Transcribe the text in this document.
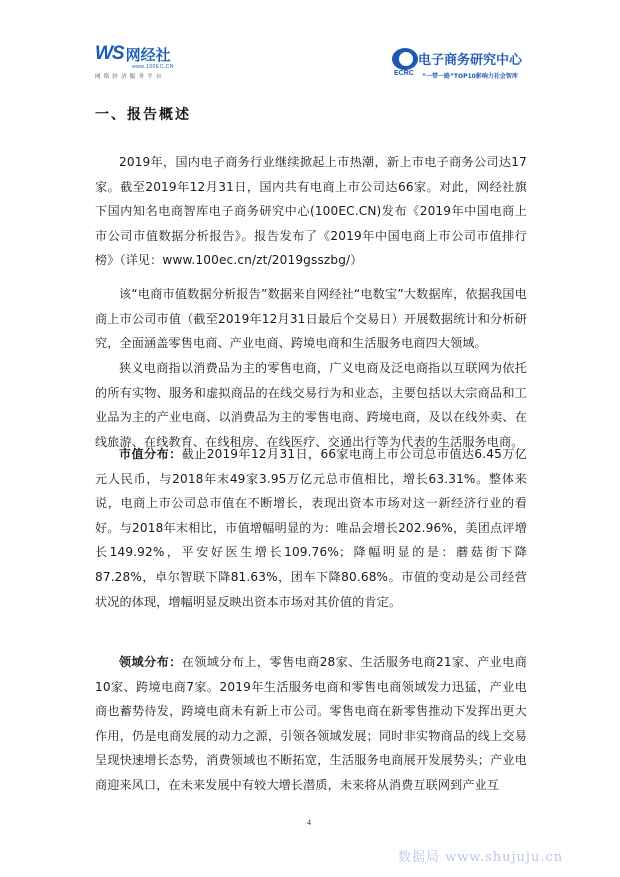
WS 网经社
www.100EC.CN
网络经济服务平台
电子商务研究中心
ECRC “一带一路”TOP10影响力社会智库
一、报告概述

2019年，国内电子商务行业继续掀起上市热潮，新上市电子商务公司达17家。截至2019年12月31日，国内共有电商上市公司达66家。对此，网经社旗下国内知名电商智库电子商务研究中心(100EC.CN)发布《2019年中国电商上市公司市值数据分析报告》。报告发布了《2019年中国电商上市公司市值排行榜》（详见：www.100ec.cn/zt/2019gsszbg/）

该“电商市值数据分析报告”数据来自网经社“电数宝”大数据库，依据我国电商上市公司市值（截至2019年12月31日最后个交易日）开展数据统计和分析研究，全面涵盖零售电商、产业电商、跨境电商和生活服务电商四大领域。

狭义电商指以消费品为主的零售电商，广义电商及泛电商指以互联网为依托的所有实物、服务和虚拟商品的在线交易行为和业态，主要包括以大宗商品和工业品为主的产业电商、以消费品为主的零售电商、跨境电商，及以在线外卖、在线旅游、在线教育、在线租房、在线医疗、交通出行等为代表的生活服务电商。

市值分布：截止2019年12月31日，66家电商上市公司总市值达6.45万亿元人民币，与2018年末49家3.95万亿元总市值相比，增长63.31%。整体来说，电商上市公司总市值在不断增长，表现出资本市场对这一新经济行业的看好。与2018年末相比，市值增幅明显的为：唯品会增长202.96%，美团点评增长149.92%，平安好医生增长109.76%；降幅明显的是：蘑菇街下降87.28%，卓尔智联下降81.63%，团车下降80.68%。市值的变动是公司经营状况的体现，增幅明显反映出资本市场对其价值的肯定。

领域分布：在领域分布上，零售电商28家、生活服务电商21家、产业电商10家、跨境电商7家。2019年生活服务电商和零售电商领域发力迅猛，产业电商也蓄势待发，跨境电商未有新上市公司。零售电商在新零售推动下发挥出更大作用，仍是电商发展的动力之源，引领各领域发展；同时非实物商品的线上交易呈现快速增长态势，消费领域也不断拓宽，生活服务电商展开发展势头；产业电商迎来风口，在未来发展中有较大增长潜质，未来将从消费互联网到产业互

4
数据局 www.shujuju.cn
